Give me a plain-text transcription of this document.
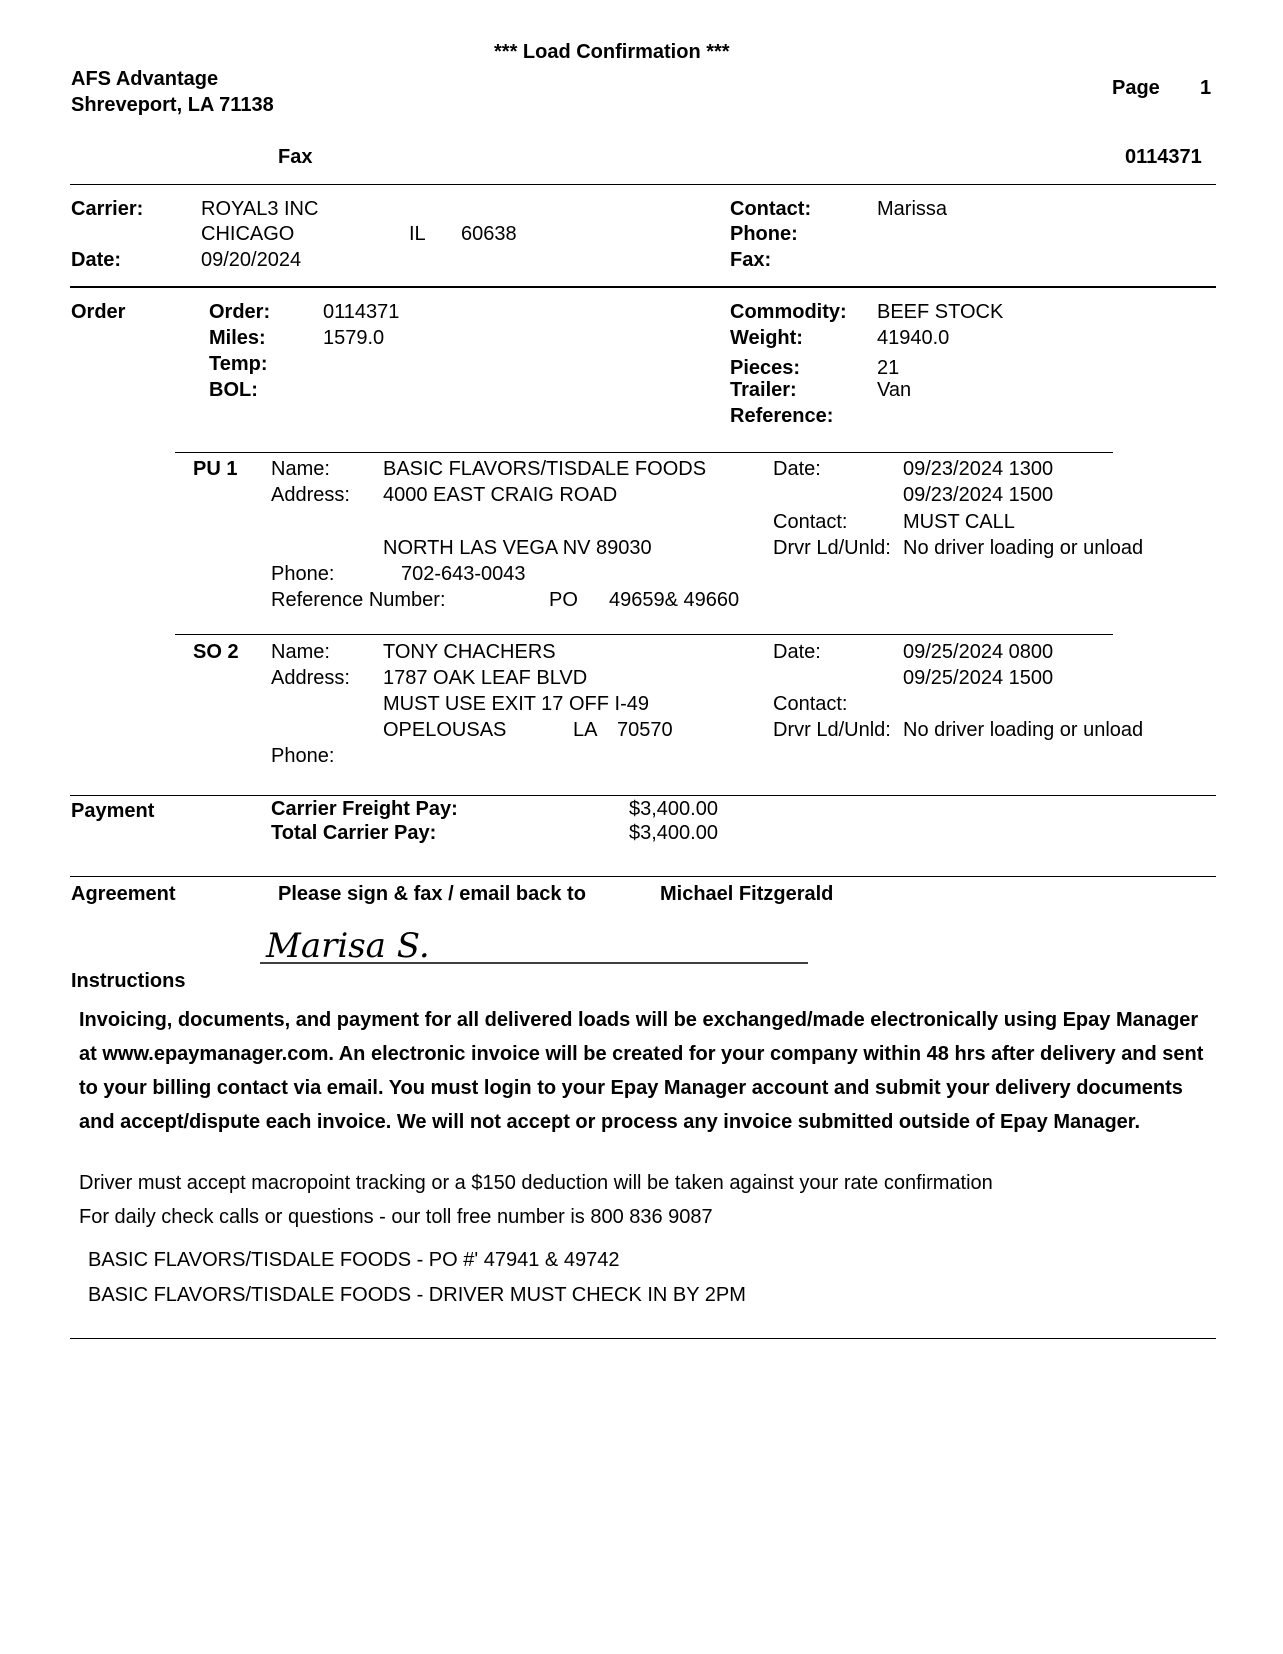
*** Load Confirmation ***
AFS Advantage
Shreveport, LA 71138
Page 1
Fax	0114371
Carrier:	ROYAL3 INC
CHICAGO	IL 60638
Date:	09/20/2024
Contact:	Marissa
Phone:
Fax:
Order	Order:	0114371
Miles:	1579.0
Temp:
BOL:
Commodity: BEEF STOCK
Weight:	41940.0
Pieces:	21
Trailer:	Van
Reference:
PU 1 Name:	BASIC FLAVORS/TISDALE FOODS
Address: 4000 EAST CRAIG ROAD
NORTH LAS VEGA NV 89030
Phone:	702-643-0043
Reference Number:	PO 49659& 49660
Date:	09/23/2024 1300
09/23/2024 1500
Contact:	MUST CALL
Drvr Ld/Unld: No driver loading or unload
SO 2 Name:	TONY CHACHERS
Address: 1787 OAK LEAF BLVD
MUST USE EXIT 17 OFF I-49
OPELOUSAS	LA 70570
Phone:
Date:	09/25/2024 0800
09/25/2024 1500
Contact:
Drvr Ld/Unld: No driver loading or unload
Payment	Carrier Freight Pay:	$3,400.00
Total Carrier Pay:	$3,400.00
Agreement	Please sign & fax / email back to	Michael Fitzgerald
Marisa S.
Instructions
Invoicing, documents, and payment for all delivered loads will be exchanged/made electronically using Epay Manager at www.epaymanager.com. An electronic invoice will be created for your company within 48 hrs after delivery and sent to your billing contact via email. You must login to your Epay Manager account and submit your delivery documents and accept/dispute each invoice. We will not accept or process any invoice submitted outside of Epay Manager.
Driver must accept macropoint tracking or a $150 deduction will be taken against your rate confirmation
For daily check calls or questions - our toll free number is 800 836 9087
BASIC FLAVORS/TISDALE FOODS - PO #' 47941 & 49742
BASIC FLAVORS/TISDALE FOODS - DRIVER MUST CHECK IN BY 2PM
